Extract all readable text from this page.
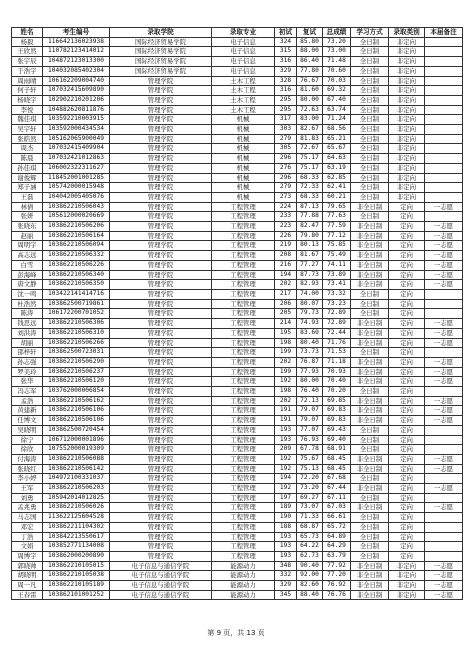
姓名	考生编号	录取学院	录取专业	初试	复试	总成绩	学习方式	录取类别	本届备注
杨毅	116642136023938	国际经济贸易学院	电子信息	324	85.80	73.20	全日制	非定向	
王欣然	110782123414012	国际经济贸易学院	电子信息	315	88.00	73.00	全日制	非定向	
张宇辰	104872123013300	国际经济贸易学院	电子信息	316	86.40	71.48	全日制	非定向	
于浩宇	104032085402304	国际经济贸易学院	电子信息	329	77.80	70.60	全日制	非定向	
周雨晴	106162209004740	管理学院	土木工程	328	76.67	70.03	全日制	非定向	
何子轩	107032415609890	管理学院	土木工程	316	81.60	69.32	全日制	非定向	
杨晓宇	102902210201206	管理学院	土木工程	295	80.00	67.40	全日制	非定向	
李悦	104882620811876	管理学院	土木工程	295	72.63	63.74	全日制	非定向	
魏佳琪	103592210003915	管理学院	机械	317	83.00	71.24	全日制	非定向	
吴宇轩	103592000434534	管理学院	机械	303	82.67	68.56	全日制	非定向	
张皓然	105162065900049	管理学院	机械	279	81.83	65.21	全日制	非定向	
周杰	107032415409904	管理学院	机械	305	72.67	65.67	全日制	非定向	
陈晨	107032421012863	管理学院	机械	296	75.17	64.63	全日制	非定向	
孙佳琪	106002322311627	管理学院	机械	276	75.17	63.19	全日制	非定向	
谢俊辉	118452001001285	管理学院	机械	296	68.33	62.85	全日制	非定向	
郑子涵	105742000015948	管理学院	机械	279	72.33	62.41	全日制	非定向	
王磊	104042005405076	管理学院	机械	273	68.33	60.21	全日制	非定向	
林倩	103862210506043	管理学院	工程管理	224	87.13	79.65	非全日制	定向	一志愿
张妍	105612000020669	管理学院	工程管理	233	77.88	77.63	全日制	定向	
张晓东	103862210506206	管理学院	工程管理	223	82.47	77.59	非全日制	定向	一志愿
赵丽	103862210506164	管理学院	工程管理	226	79.80	77.12	非全日制	定向	一志愿
周明宇	103862210506094	管理学院	工程管理	219	80.13	75.85	非全日制	定向	一志愿
高志远	103862210506332	管理学院	工程管理	208	81.67	75.49	非全日制	定向	一志愿
白雪	103862210506226	管理学院	工程管理	216	77.27	74.11	非全日制	定向	一志愿
彭海峰	103862210506340	管理学院	工程管理	194	87.73	73.89	非全日制	定向	一志愿
唐文静	103862210506350	管理学院	工程管理	202	82.93	73.41	非全日制	定向	一志愿
沈一鸣	103422141414716	管理学院	工程管理	217	74.00	73.32	全日制	定向	
杜浩然	103862500719861	管理学院	工程管理	206	80.07	73.23	全日制	定向	
陈涛	106172200701052	管理学院	工程管理	205	79.73	72.89	全日制	定向	
钱思远	103862210506306	管理学院	工程管理	214	74.93	72.89	非全日制	定向	一志愿
刘洪涛	103862210506310	管理学院	工程管理	195	83.60	72.44	非全日制	定向	一志愿
胡丽	103862210506266	管理学院	工程管理	198	80.40	71.76	非全日制	定向	一志愿
邵梓轩	103862500723031	管理学院	工程管理	199	73.73	71.53	全日制	定向	
孙志强	103862210506290	管理学院	工程管理	202	76.87	71.18	非全日制	定向	一志愿
罗美玲	103862210506237	管理学院	工程管理	199	77.93	70.93	非全日制	定向	一志愿
张华	103862210506120	管理学院	工程管理	192	80.00	70.40	非全日制	定向	一志愿
冯志军	103762000006854	管理学院	工程管理	198	76.40	70.20	全日制	定向	
孟浩	103862210506162	管理学院	工程管理	202	72.13	69.85	非全日制	定向	一志愿
黄建新	103862210506106	管理学院	工程管理	191	79.07	69.83	非全日制	定向	一志愿
任博文	103862210506106	管理学院	工程管理	191	79.07	69.83	非全日制	定向	一志愿
吴晓明	103862500720454	管理学院	工程管理	193	77.07	69.43	全日制	定向	
徐宁	106712000001896	管理学院	工程管理	193	76.93	69.40	全日制	定向	
徐欣	107552000019309	管理学院	工程管理	209	67.78	68.91	全日制	定向	
付海涛	103862210506088	管理学院	工程管理	192	75.67	68.45	非全日制	定向	一志愿
张晓红	103862210506142	管理学院	工程管理	192	75.13	68.45	非全日制	定向	一志愿
李小婷	104972100331037	管理学院	工程管理	194	72.20	67.68	全日制	定向	
王军	103862210506203	管理学院	工程管理	192	73.20	67.44	非全日制	定向	一志愿
刘勇	105942014012825	管理学院	工程管理	197	69.27	67.11	全日制	定向	
孟兆勇	103862210506026	管理学院	工程管理	189	73.07	67.03	非全日制	定向	一志愿
马志国	113622125604528	管理学院	工程管理	190	71.33	66.61	全日制	定向	
邓宏	103862211104302	管理学院	工程管理	188	68.87	65.72	全日制	定向	
丁浩	103842213550617	管理学院	工程管理	193	65.73	64.89	全日制	定向	
文娟	103852771134008	管理学院	工程管理	193	64.22	64.29	全日制	定向	
周博宇	103862000200890	管理学院	工程管理	193	62.73	63.79	全日制	定向	
郭晓帅	103862210105015	电子信息与通信学院	能源动力	348	90.40	77.92	非全日制	非定向	一志愿
胡晓明	103862210105038	电子信息与通信学院	能源动力	332	92.00	77.20	非全日制	非定向	一志愿
周一凡	103862210105189	电子信息与通信学院	能源动力	329	82.60	76.92	非全日制	非定向	一志愿
王春雷	103862101001252	电子信息与通信学院	能源动力	345	88.40	76.76	非全日制	非定向	一志愿
第 9 页，共 13 页
